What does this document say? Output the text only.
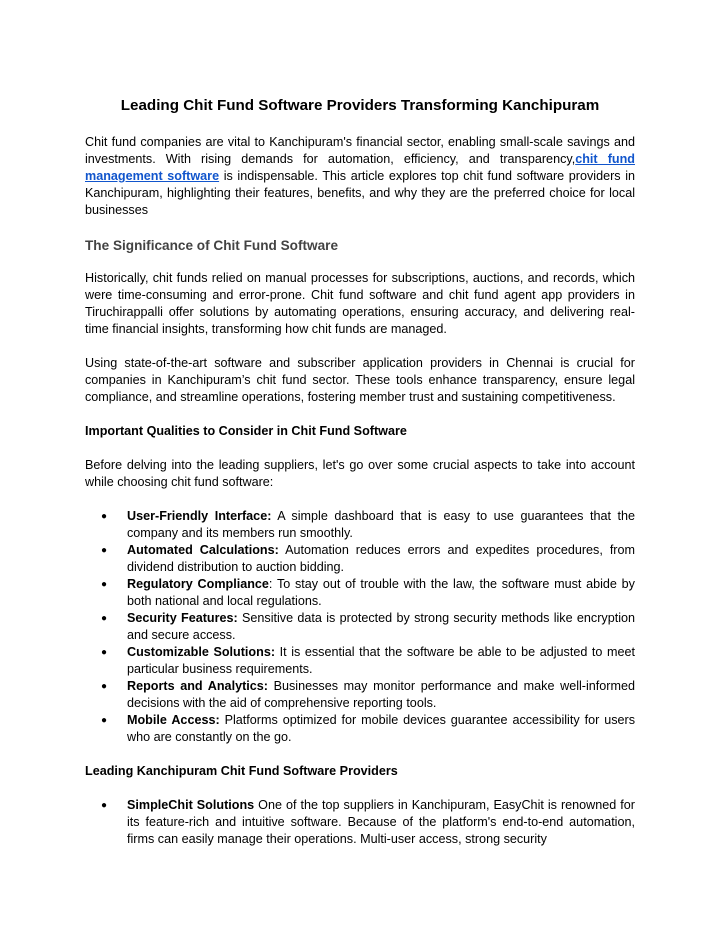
Leading Chit Fund Software Providers Transforming Kanchipuram

Chit fund companies are vital to Kanchipuram's financial sector, enabling small-scale savings and investments. With rising demands for automation, efficiency, and transparency,chit fund management software is indispensable. This article explores top chit fund software providers in Kanchipuram, highlighting their features, benefits, and why they are the preferred choice for local businesses

The Significance of Chit Fund Software

Historically, chit funds relied on manual processes for subscriptions, auctions, and records, which were time-consuming and error-prone. Chit fund software and chit fund agent app providers in Tiruchirappalli offer solutions by automating operations, ensuring accuracy, and delivering real-time financial insights, transforming how chit funds are managed.

Using state-of-the-art software and subscriber application providers in Chennai is crucial for companies in Kanchipuram’s chit fund sector. These tools enhance transparency, ensure legal compliance, and streamline operations, fostering member trust and sustaining competitiveness.

Important Qualities to Consider in Chit Fund Software

Before delving into the leading suppliers, let's go over some crucial aspects to take into account while choosing chit fund software:

● User-Friendly Interface: A simple dashboard that is easy to use guarantees that the company and its members run smoothly.
● Automated Calculations: Automation reduces errors and expedites procedures, from dividend distribution to auction bidding.
● Regulatory Compliance: To stay out of trouble with the law, the software must abide by both national and local regulations.
● Security Features: Sensitive data is protected by strong security methods like encryption and secure access.
● Customizable Solutions: It is essential that the software be able to be adjusted to meet particular business requirements.
● Reports and Analytics: Businesses may monitor performance and make well-informed decisions with the aid of comprehensive reporting tools.
● Mobile Access: Platforms optimized for mobile devices guarantee accessibility for users who are constantly on the go.
Leading Kanchipuram Chit Fund Software Providers
● SimpleChit Solutions One of the top suppliers in Kanchipuram, EasyChit is renowned for its feature-rich and intuitive software. Because of the platform's end-to-end automation, firms can easily manage their operations. Multi-user access, strong security
